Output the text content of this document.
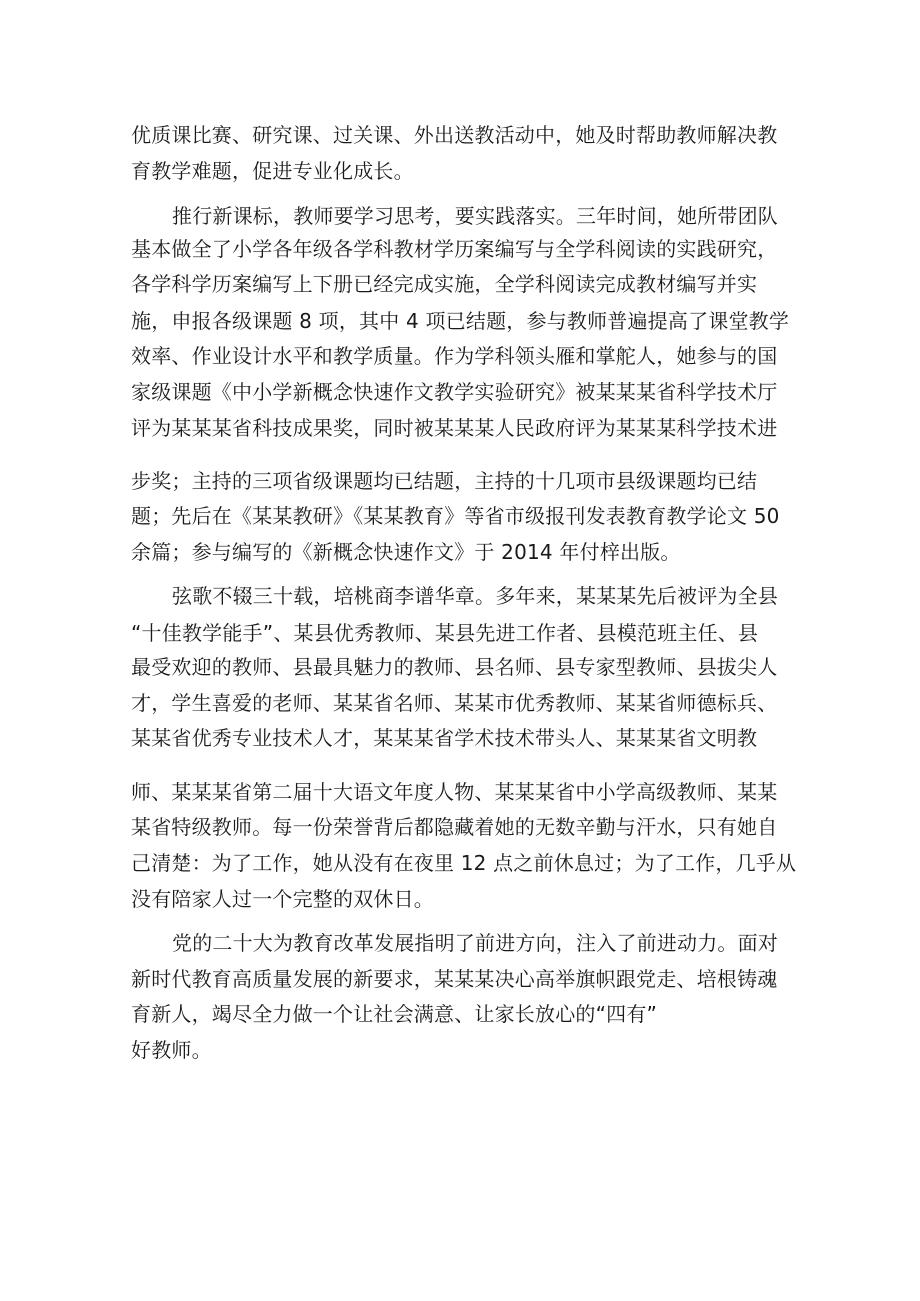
优质课比赛、研究课、过关课、外出送教活动中，她及时帮助教师解决教
育教学难题，促进专业化成长。
推行新课标，教师要学习思考，要实践落实。三年时间，她所带团队
基本做全了小学各年级各学科教材学历案编写与全学科阅读的实践研究，
各学科学历案编写上下册已经完成实施，全学科阅读完成教材编写并实
施，申报各级课题 8 项，其中 4 项已结题，参与教师普遍提高了课堂教学
效率、作业设计水平和教学质量。作为学科领头雁和掌舵人，她参与的国
家级课题《中小学新概念快速作文教学实验研究》被某某某省科学技术厅
评为某某某省科技成果奖，同时被某某某人民政府评为某某某科学技术进
步奖；主持的三项省级课题均已结题，主持的十几项市县级课题均已结
题；先后在《某某教研》《某某教育》等省市级报刊发表教育教学论文 50
余篇；参与编写的《新概念快速作文》于 2014 年付梓出版。
弦歌不辍三十载，培桃商李谱华章。多年来，某某某先后被评为全县
“十佳教学能手”、某县优秀教师、某县先进工作者、县模范班主任、县
最受欢迎的教师、县最具魅力的教师、县名师、县专家型教师、县拔尖人
才，学生喜爱的老师、某某省名师、某某市优秀教师、某某省师德标兵、
某某省优秀专业技术人才，某某某省学术技术带头人、某某某省文明教
师、某某某省第二届十大语文年度人物、某某某省中小学高级教师、某某
某省特级教师。每一份荣誉背后都隐藏着她的无数辛勤与汗水，只有她自
己清楚：为了工作，她从没有在夜里 12 点之前休息过；为了工作，几乎从
没有陪家人过一个完整的双休日。
党的二十大为教育改革发展指明了前进方向，注入了前进动力。面对
新时代教育高质量发展的新要求，某某某决心高举旗帜跟党走、培根铸魂
育新人，竭尽全力做一个让社会满意、让家长放心的“四有”
好教师。
